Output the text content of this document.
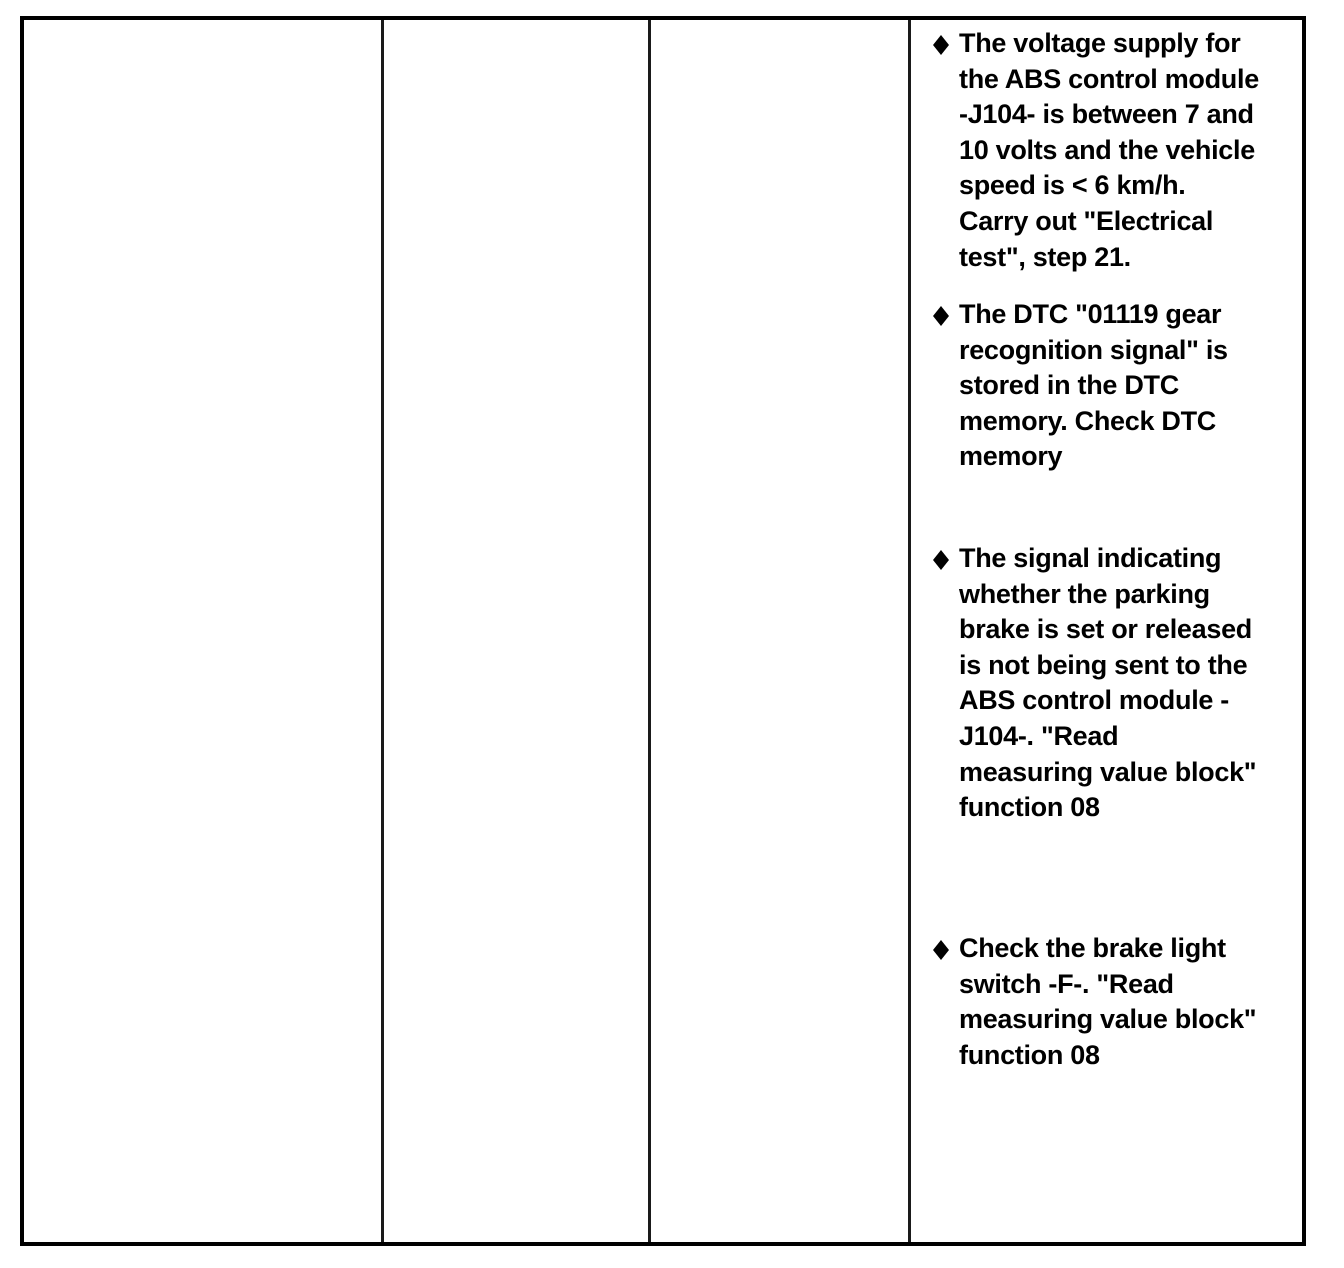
The voltage supply for
the ABS control module
-J104- is between 7 and
10 volts and the vehicle
speed is < 6 km/h.
Carry out "Electrical
test", step 21.
The DTC "01119 gear
recognition signal" is
stored in the DTC
memory. Check DTC
memory
The signal indicating
whether the parking
brake is set or released
is not being sent to the
ABS control module -
J104-. "Read
measuring value block"
function 08
Check the brake light
switch -F-. "Read
measuring value block"
function 08
